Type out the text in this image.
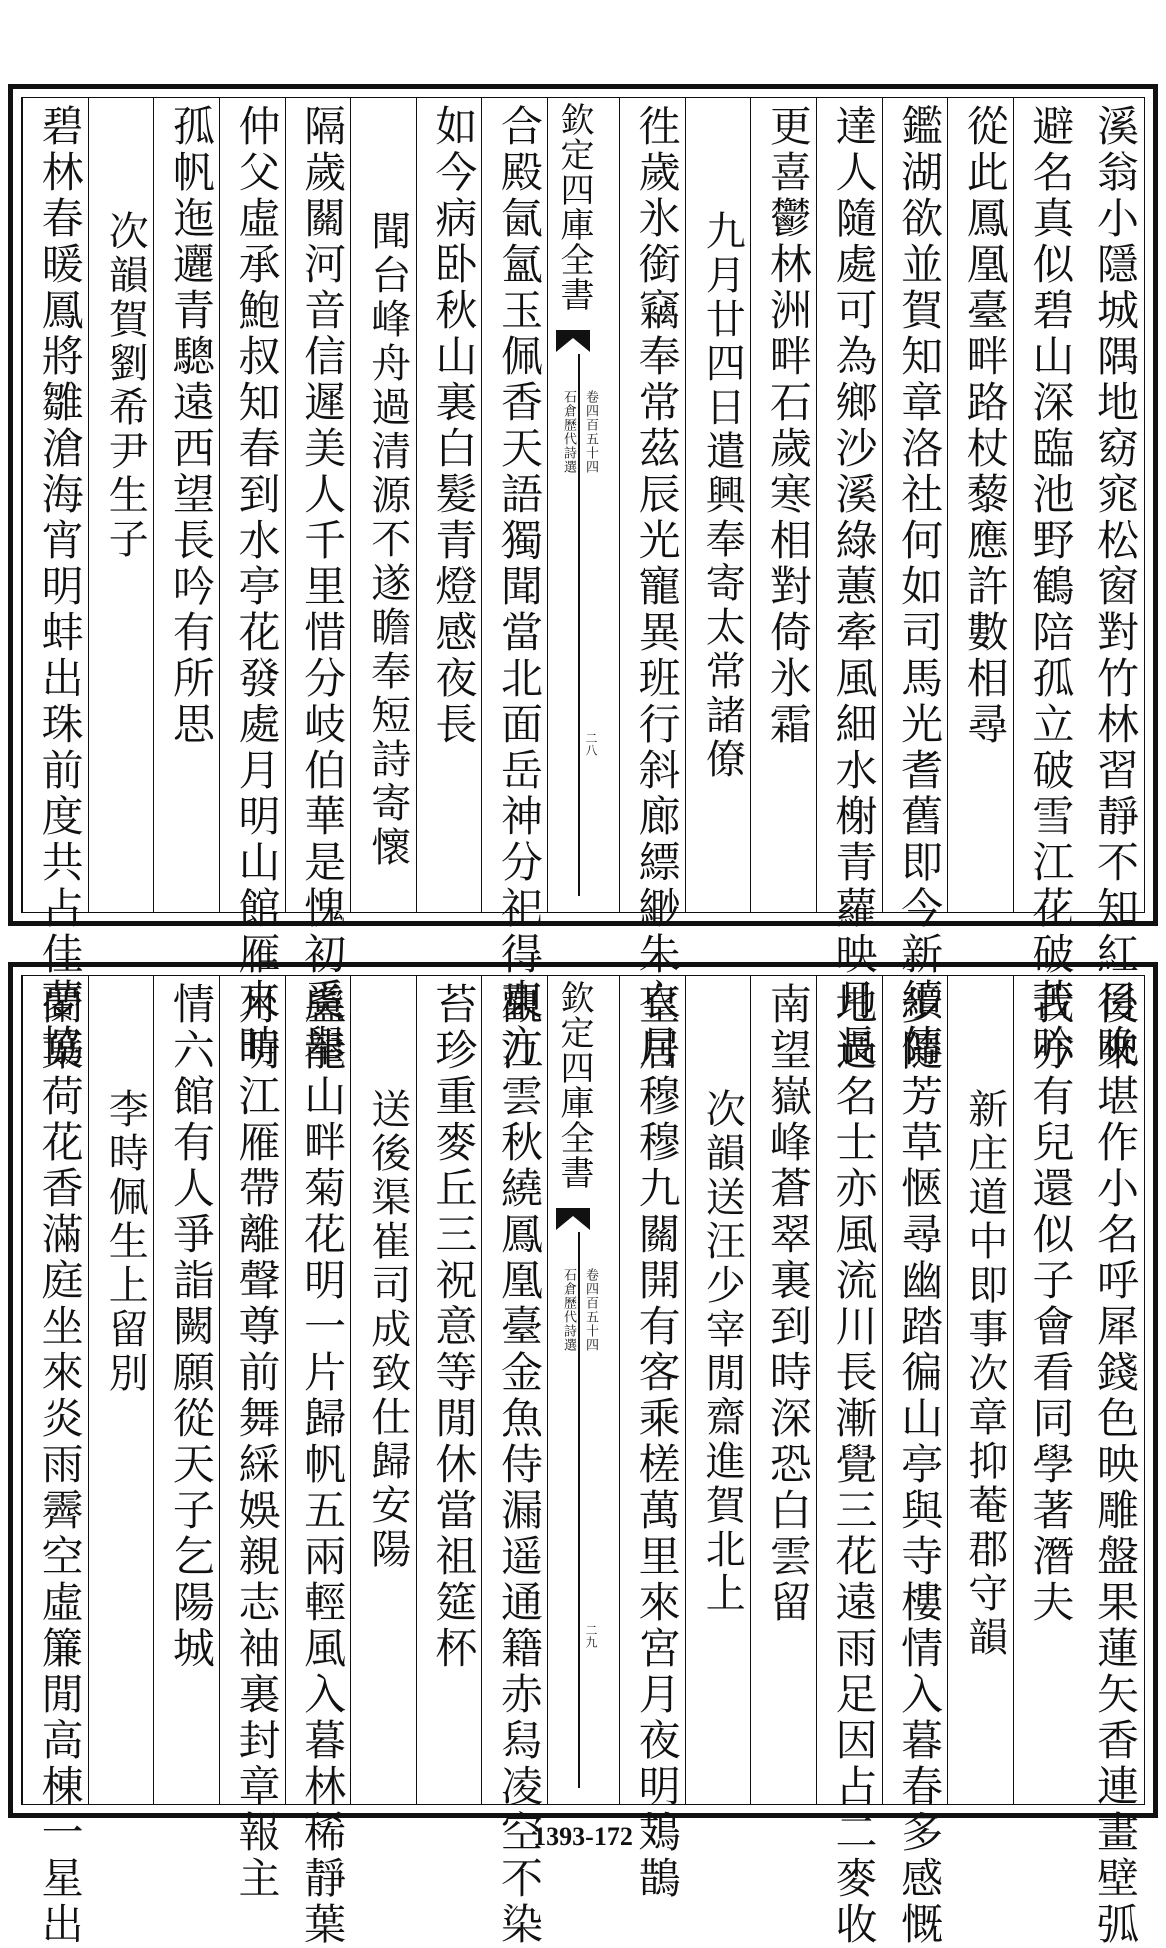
溪翁小隱城隅地窈窕松窗對竹林習靜不知紅日晚
避名真似碧山深臨池野鶴陪孤立破雪江花破苦吟
從此鳳凰臺畔路杖藜應許數相尋
鑑湖欲並賀知章洛社何如司馬光耆舊即今新續傳
達人隨處可為鄉沙溪綠蕙牽風細水榭青蘿映月長
更喜鬱林洲畔石歲寒相對倚氷霜
九月廿四日遣興奉寄太常諸僚
徃歲氷銜竊奉常茲辰光寵異班行斜廊縹緲朱衣月
欽定四庫全書
石倉歷代詩選 卷四百五十四
二八
合殿氤氳玉佩香天語獨聞當北面岳神分祀得東方
如今病卧秋山裏白髮青燈感夜長
聞台峰舟過清源不遂瞻奉短詩寄懷
隔歲關河音信遲美人千里惜分岐伯華是愧初奚舉
仲父虛承鮑叔知春到水亭花發處月明山館雁來時
孤帆迤邐青驄遠西望長吟有所思
次韻賀劉希尹生子
碧林春暖鳳將雛滄海宵明蚌出珠前度共占佳夢協
後來堪作小名呼犀錢色映雕盤果蓮矢香連畫壁弧
我亦有兒還似子會看同學著潛夫
新庄道中即事次章抑菴郡守韻
步隨芳草愜尋幽踏徧山亭與寺樓情入暮春多感慨
地過名士亦風流川長漸覺三花遠雨足因占二麥收
南望嶽峰蒼翠裏到時深恐白雲留
次韻送汪少宰閒齋進賀北上
皇居穆穆九關開有客乘槎萬里來宮月夜明鳷鵲
欽定四庫全書
石倉歷代詩選 卷四百五十四
二九
觀江雲秋繞鳳凰臺金魚侍漏遥通籍赤舄凌空不染
苔珍重麥丘三祝意等閒休當祖筵杯
送後渠崔司成致仕歸安陽
盧龍山畔菊花明一片歸帆五兩輕風入暮林稀靜葉
月明江雁帶離聲尊前舞綵娛親志袖裏封章報主
情六館有人爭詣闕願從天子乞陽城
李時佩生上留別
蘭葉荷花香滿庭坐來炎雨霽空虛簾閒高棟一星出	1393-172
